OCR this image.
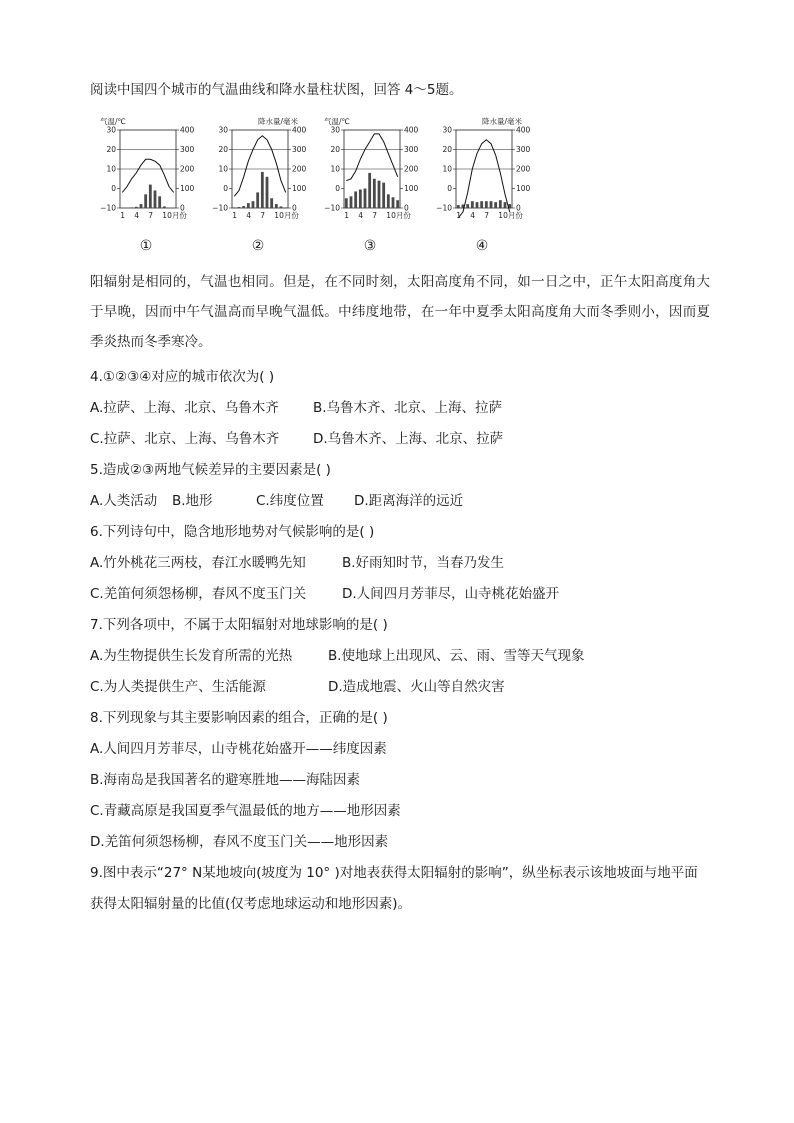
阅读中国四个城市的气温曲线和降水量柱状图，回答 4～5题。
30
20
10
0
−10
400
300
200
100
0
气温/℃
1 4 7 10月份
①
30
20
10
0
−10
400
300
200
100
0
降水量/毫米
1 4 7 10月份
②
30
20
10
0
−10
400
300
200
100
0
气温/℃
1 4 7 10月份
③
30
20
10
0
−10
400
300
200
100
0
降水量/毫米
1 4 7 10月份
④
阳辐射是相同的，气温也相同。但是，在不同时刻，太阳高度角不同，如一日之中，正午太阳高度角大于早晚，因而中午气温高而早晚气温低。中纬度地带，在一年中夏季太阳高度角大而冬季则小，因而夏季炎热而冬季寒冷。
4.①②③④对应的城市依次为( )
A.拉萨、上海、北京、乌鲁木齐	B.乌鲁木齐、北京、上海、拉萨
C.拉萨、北京、上海、乌鲁木齐	D.乌鲁木齐、上海、北京、拉萨
5.造成②③两地气候差异的主要因素是( )
A.人类活动 B.地形	C.纬度位置 D.距离海洋的远近
6.下列诗句中，隐含地形地势对气候影响的是( )
A.竹外桃花三两枝，春江水暖鸭先知	B.好雨知时节，当春乃发生
C.羌笛何须怨杨柳，春风不度玉门关	D.人间四月芳菲尽，山寺桃花始盛开
7.下列各项中，不属于太阳辐射对地球影响的是( )
A.为生物提供生长发育所需的光热	B.使地球上出现风、云、雨、雪等天气现象
C.为人类提供生产、生活能源	D.造成地震、火山等自然灾害
8.下列现象与其主要影响因素的组合，正确的是( )
A.人间四月芳菲尽，山寺桃花始盛开——纬度因素
B.海南岛是我国著名的避寒胜地——海陆因素
C.青藏高原是我国夏季气温最低的地方——地形因素
D.羌笛何须怨杨柳，春风不度玉门关——地形因素
9.图中表示“27° N某地坡向(坡度为 10° )对地表获得太阳辐射的影响”，纵坐标表示该地坡面与地平面获得太阳辐射量的比值(仅考虑地球运动和地形因素)。
